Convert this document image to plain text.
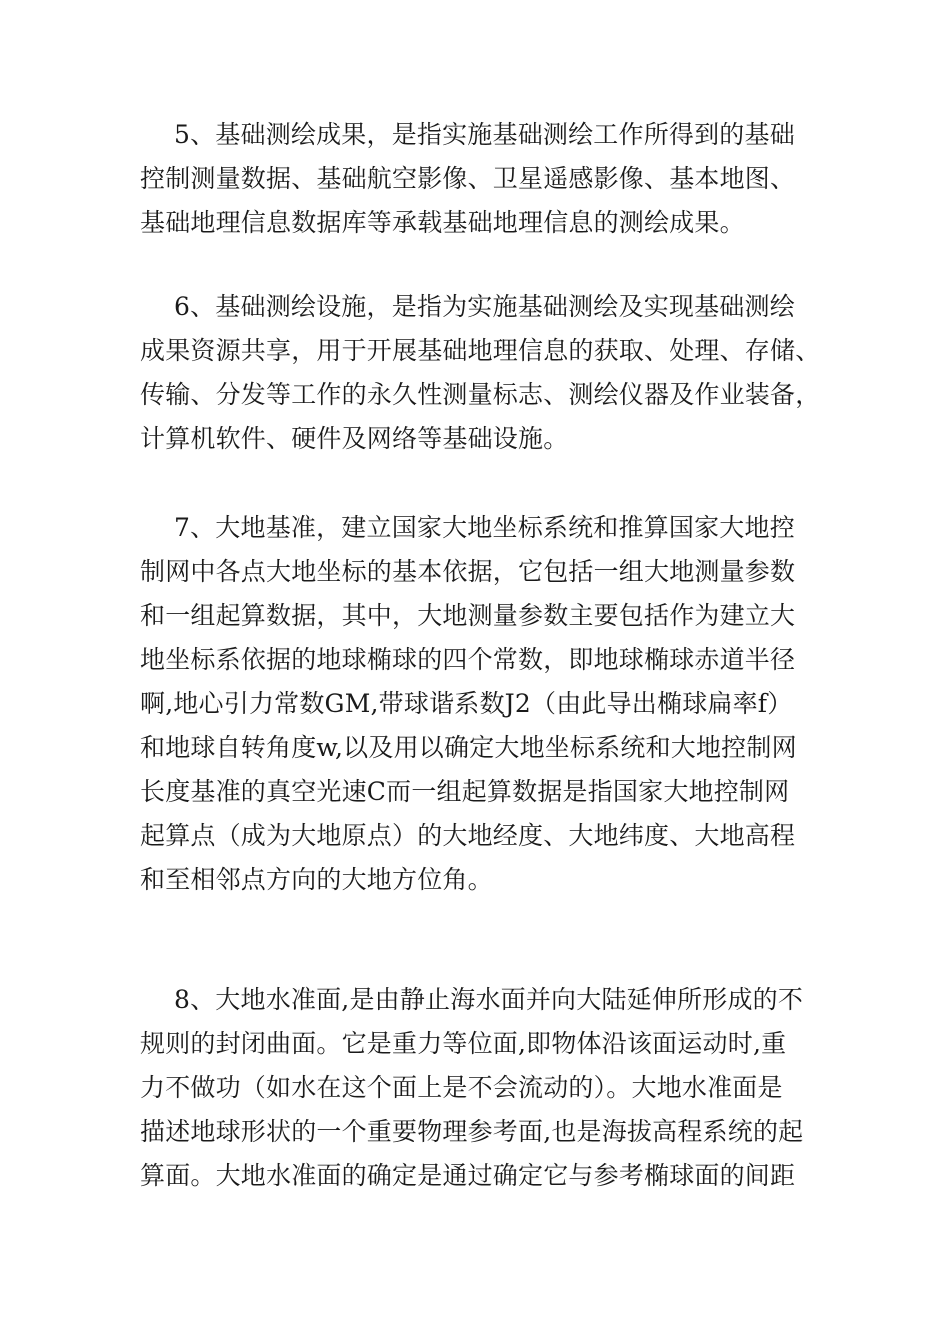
5、基础测绘成果，是指实施基础测绘工作所得到的基础
控制测量数据、基础航空影像、卫星遥感影像、基本地图、
基础地理信息数据库等承载基础地理信息的测绘成果。

6、基础测绘设施，是指为实施基础测绘及实现基础测绘
成果资源共享，用于开展基础地理信息的获取、处理、存储、
传输、分发等工作的永久性测量标志、测绘仪器及作业装备，
计算机软件、硬件及网络等基础设施。

7、大地基准，建立国家大地坐标系统和推算国家大地控
制网中各点大地坐标的基本依据，它包括一组大地测量参数
和一组起算数据，其中，大地测量参数主要包括作为建立大
地坐标系依据的地球椭球的四个常数，即地球椭球赤道半径
啊,地心引力常数GM,带球谐系数J2（由此导出椭球扁率f）
和地球自转角度w,以及用以确定大地坐标系统和大地控制网
长度基准的真空光速C而一组起算数据是指国家大地控制网
起算点（成为大地原点）的大地经度、大地纬度、大地高程
和至相邻点方向的大地方位角。

8、大地水准面,是由静止海水面并向大陆延伸所形成的不
规则的封闭曲面。它是重力等位面,即物体沿该面运动时,重
力不做功（如水在这个面上是不会流动的）。大地水准面是
描述地球形状的一个重要物理参考面,也是海拔高程系统的起
算面。大地水准面的确定是通过确定它与参考椭球面的间距
